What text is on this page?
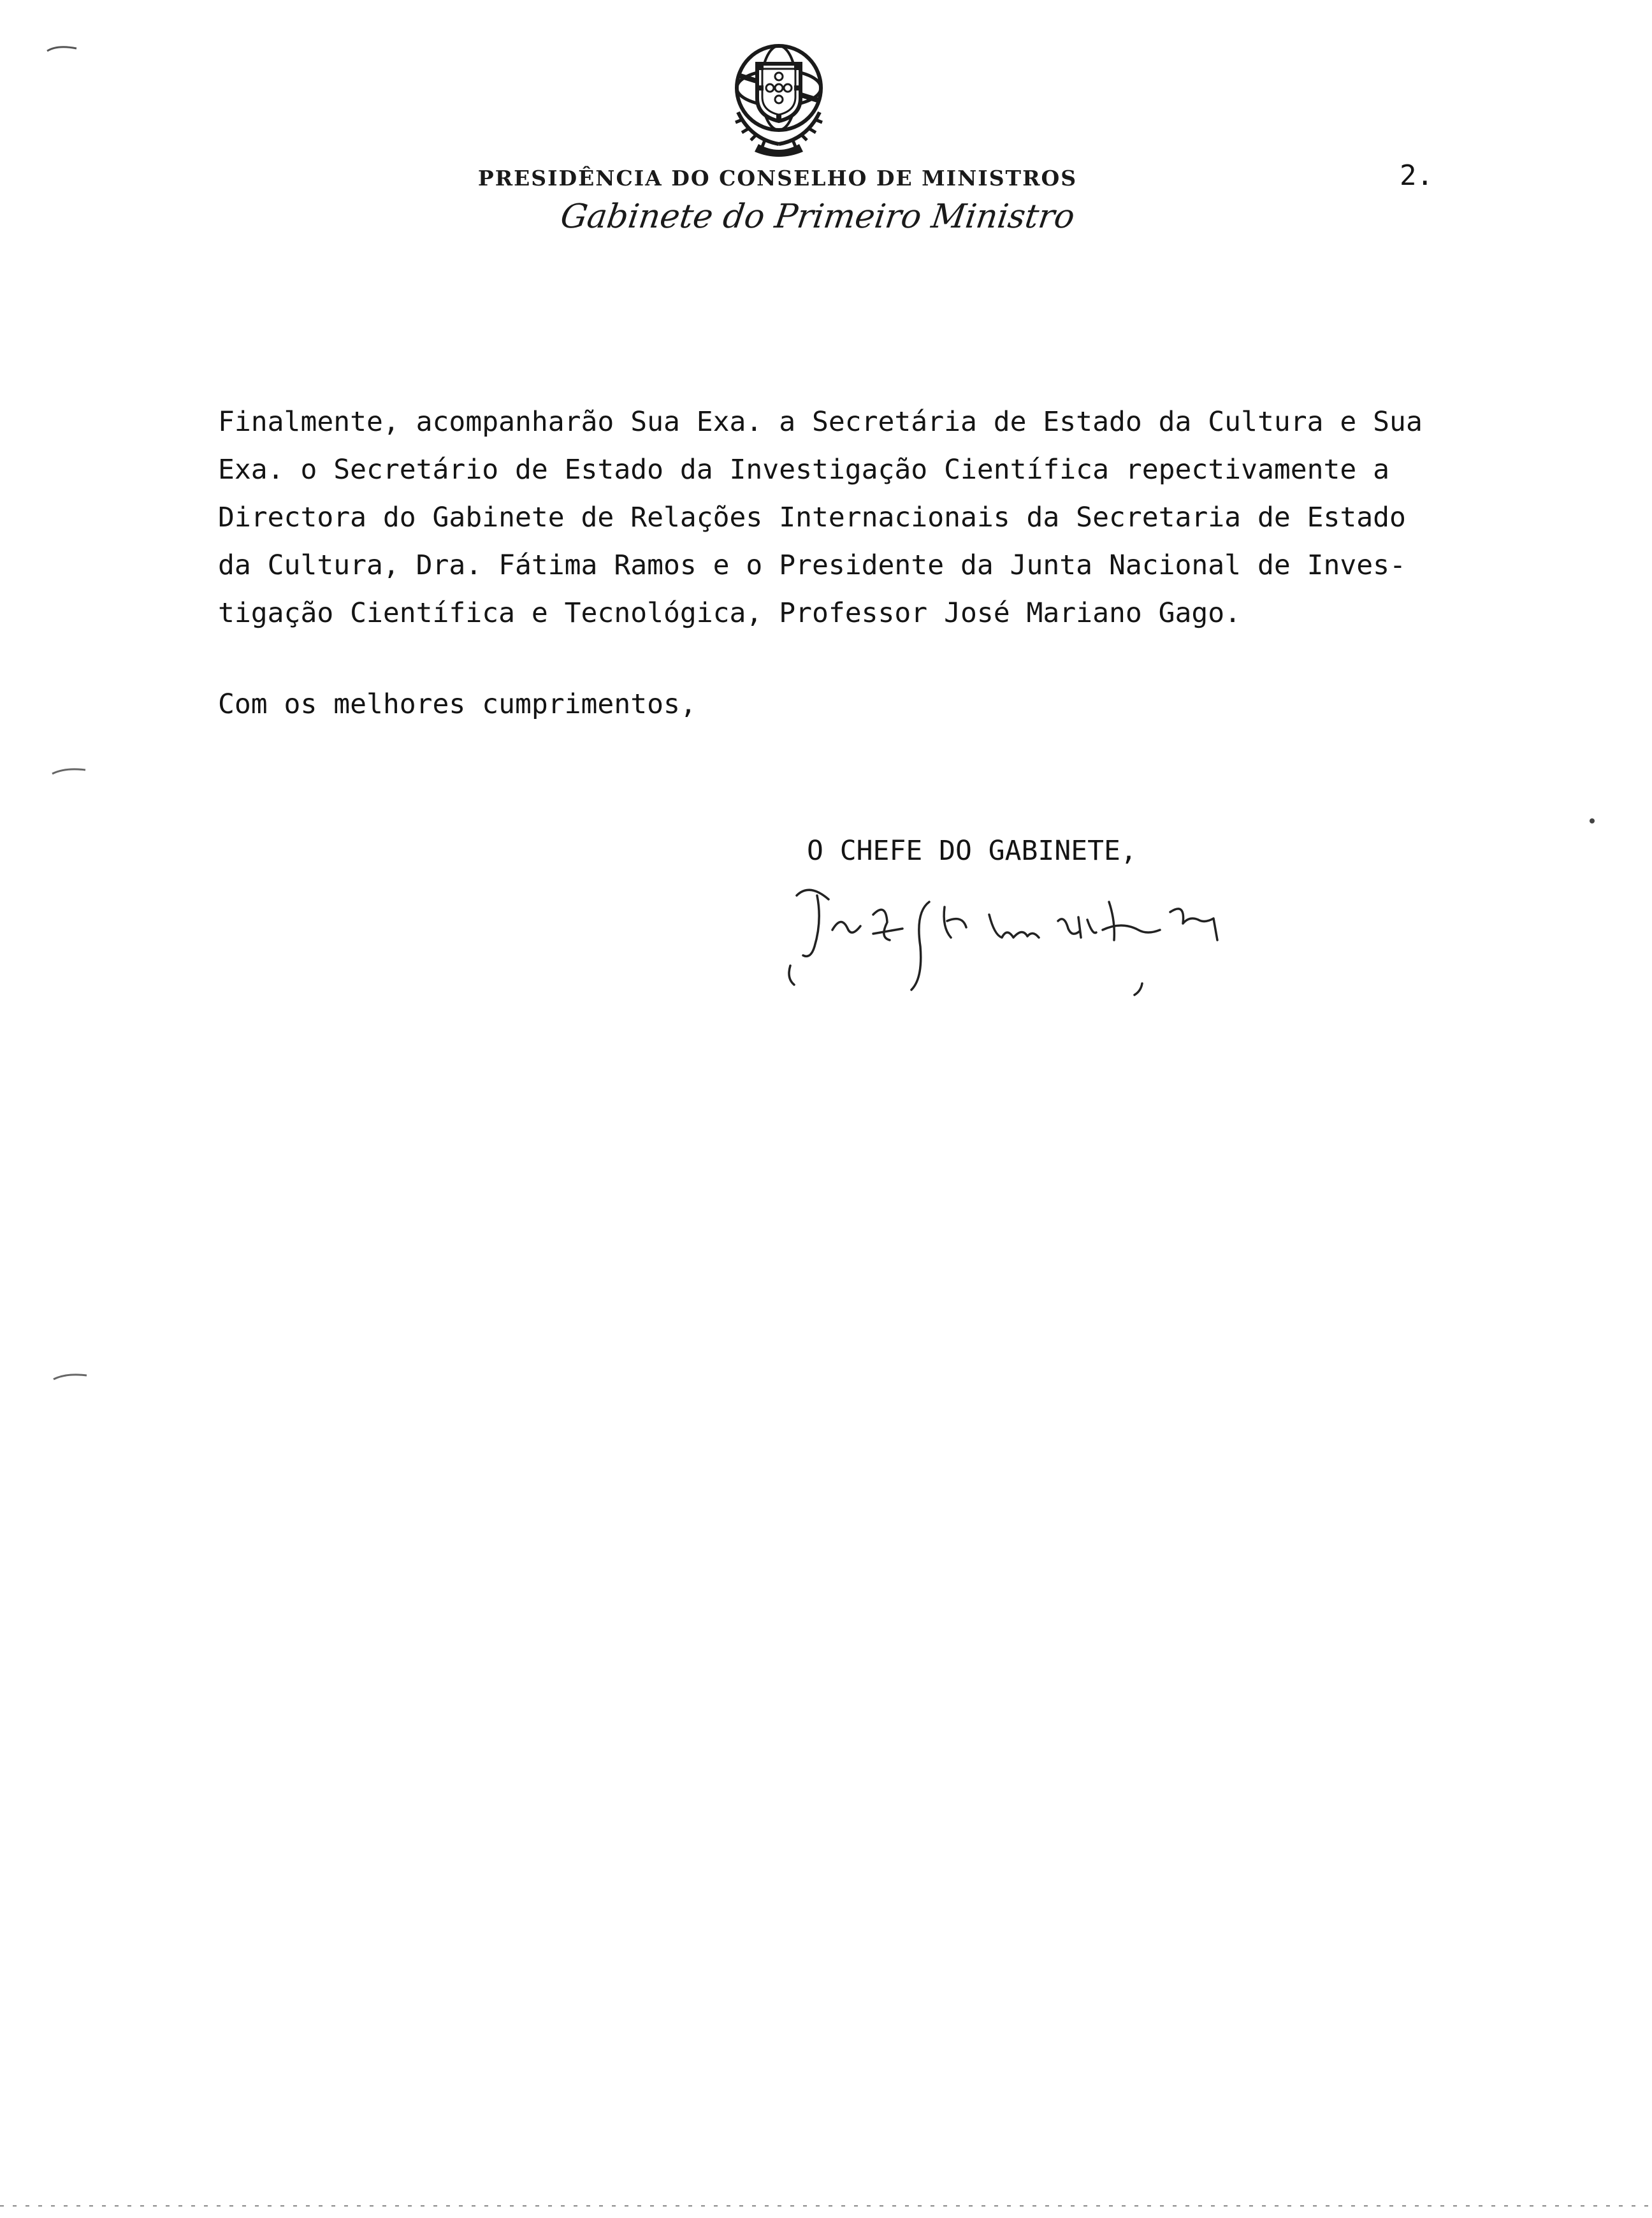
PRESIDÊNCIA DO CONSELHO DE MINISTROS
Gabinete do Primeiro Ministro
2.
Finalmente, acompanharão Sua Exa. a Secretária de Estado da Cultura e Sua
Exa. o Secretário de Estado da Investigação Científica repectivamente a
Directora do Gabinete de Relações Internacionais da Secretaria de Estado
da Cultura, Dra. Fátima Ramos e o Presidente da Junta Nacional de Inves-
tigação Científica e Tecnológica, Professor José Mariano Gago.
Com os melhores cumprimentos,
O CHEFE DO GABINETE,
